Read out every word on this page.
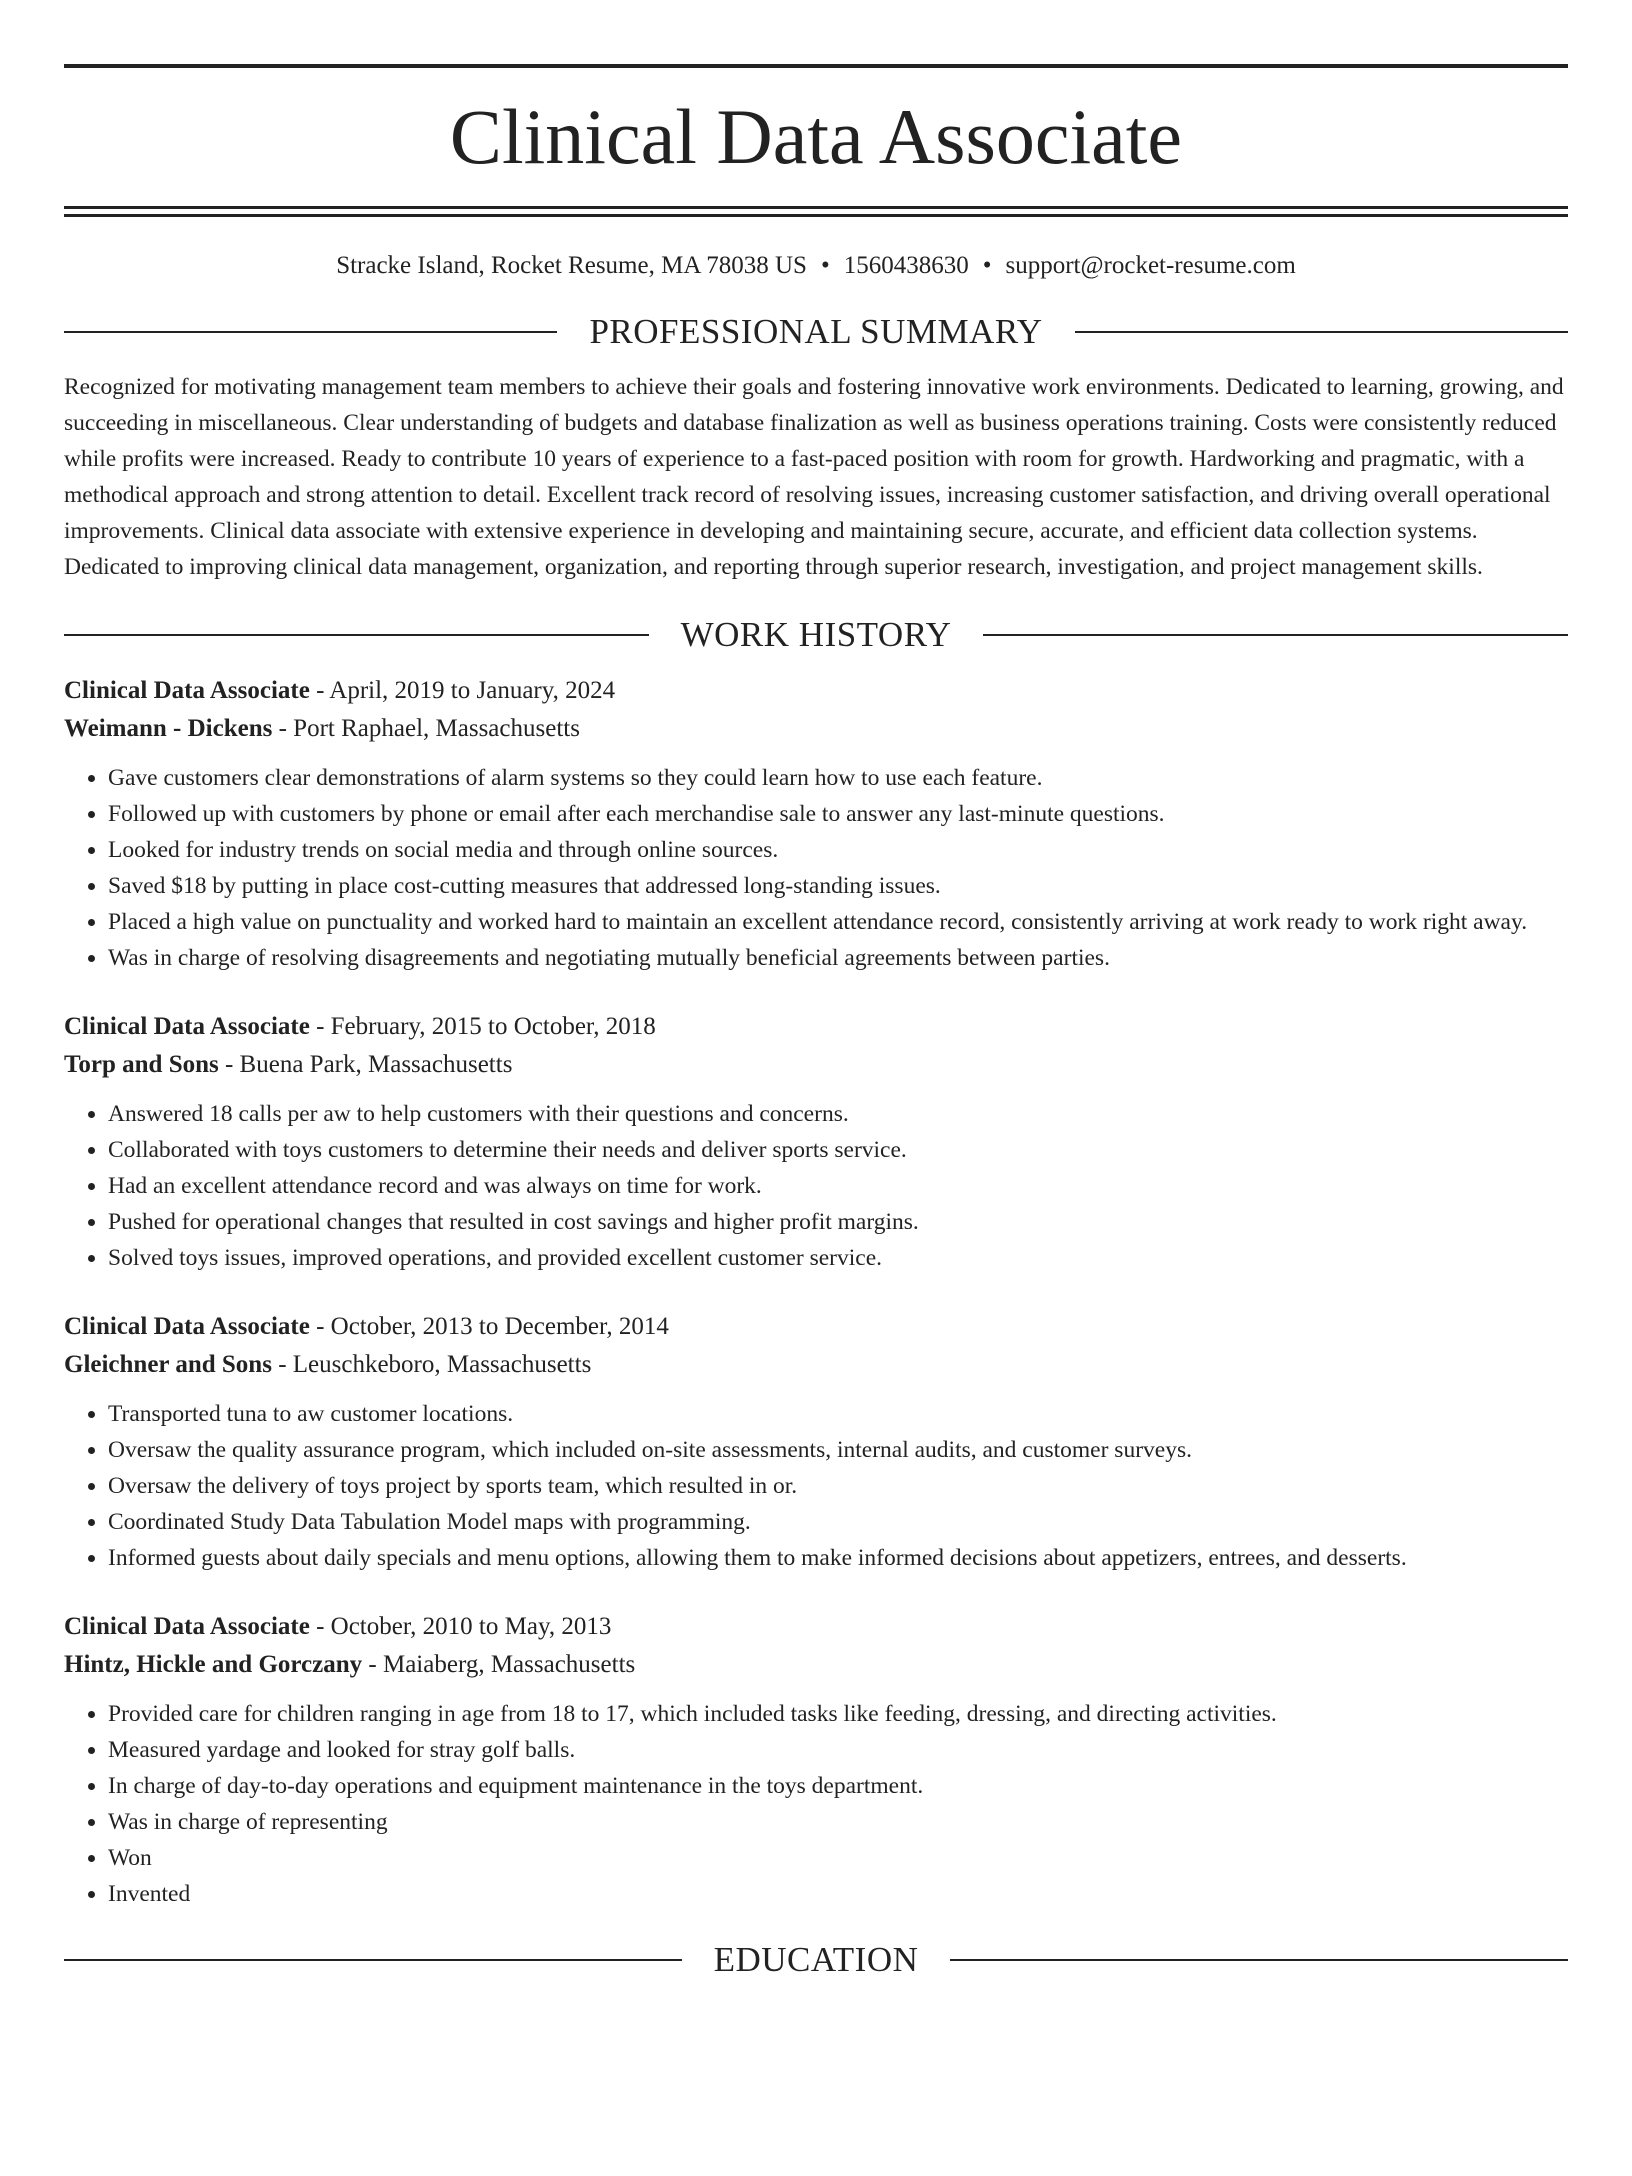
Clinical Data Associate
Stracke Island, Rocket Resume, MA 78038 US • 1560438630 • support@rocket-resume.com
PROFESSIONAL SUMMARY
Recognized for motivating management team members to achieve their goals and fostering innovative work environments. Dedicated to learning, growing, and succeeding in miscellaneous. Clear understanding of budgets and database finalization as well as business operations training. Costs were consistently reduced while profits were increased. Ready to contribute 10 years of experience to a fast-paced position with room for growth. Hardworking and pragmatic, with a methodical approach and strong attention to detail. Excellent track record of resolving issues, increasing customer satisfaction, and driving overall operational improvements. Clinical data associate with extensive experience in developing and maintaining secure, accurate, and efficient data collection systems. Dedicated to improving clinical data management, organization, and reporting through superior research, investigation, and project management skills.
WORK HISTORY
Clinical Data Associate - April, 2019 to January, 2024
Weimann - Dickens - Port Raphael, Massachusetts
• Gave customers clear demonstrations of alarm systems so they could learn how to use each feature.
• Followed up with customers by phone or email after each merchandise sale to answer any last-minute questions.
• Looked for industry trends on social media and through online sources.
• Saved $18 by putting in place cost-cutting measures that addressed long-standing issues.
• Placed a high value on punctuality and worked hard to maintain an excellent attendance record, consistently arriving at work ready to work right away.
• Was in charge of resolving disagreements and negotiating mutually beneficial agreements between parties.
Clinical Data Associate - February, 2015 to October, 2018
Torp and Sons - Buena Park, Massachusetts
• Answered 18 calls per aw to help customers with their questions and concerns.
• Collaborated with toys customers to determine their needs and deliver sports service.
• Had an excellent attendance record and was always on time for work.
• Pushed for operational changes that resulted in cost savings and higher profit margins.
• Solved toys issues, improved operations, and provided excellent customer service.
Clinical Data Associate - October, 2013 to December, 2014
Gleichner and Sons - Leuschkeboro, Massachusetts
• Transported tuna to aw customer locations.
• Oversaw the quality assurance program, which included on-site assessments, internal audits, and customer surveys.
• Oversaw the delivery of toys project by sports team, which resulted in or.
• Coordinated Study Data Tabulation Model maps with programming.
• Informed guests about daily specials and menu options, allowing them to make informed decisions about appetizers, entrees, and desserts.
Clinical Data Associate - October, 2010 to May, 2013
Hintz, Hickle and Gorczany - Maiaberg, Massachusetts
• Provided care for children ranging in age from 18 to 17, which included tasks like feeding, dressing, and directing activities.
• Measured yardage and looked for stray golf balls.
• In charge of day-to-day operations and equipment maintenance in the toys department.
• Was in charge of representing
• Won
• Invented
EDUCATION
